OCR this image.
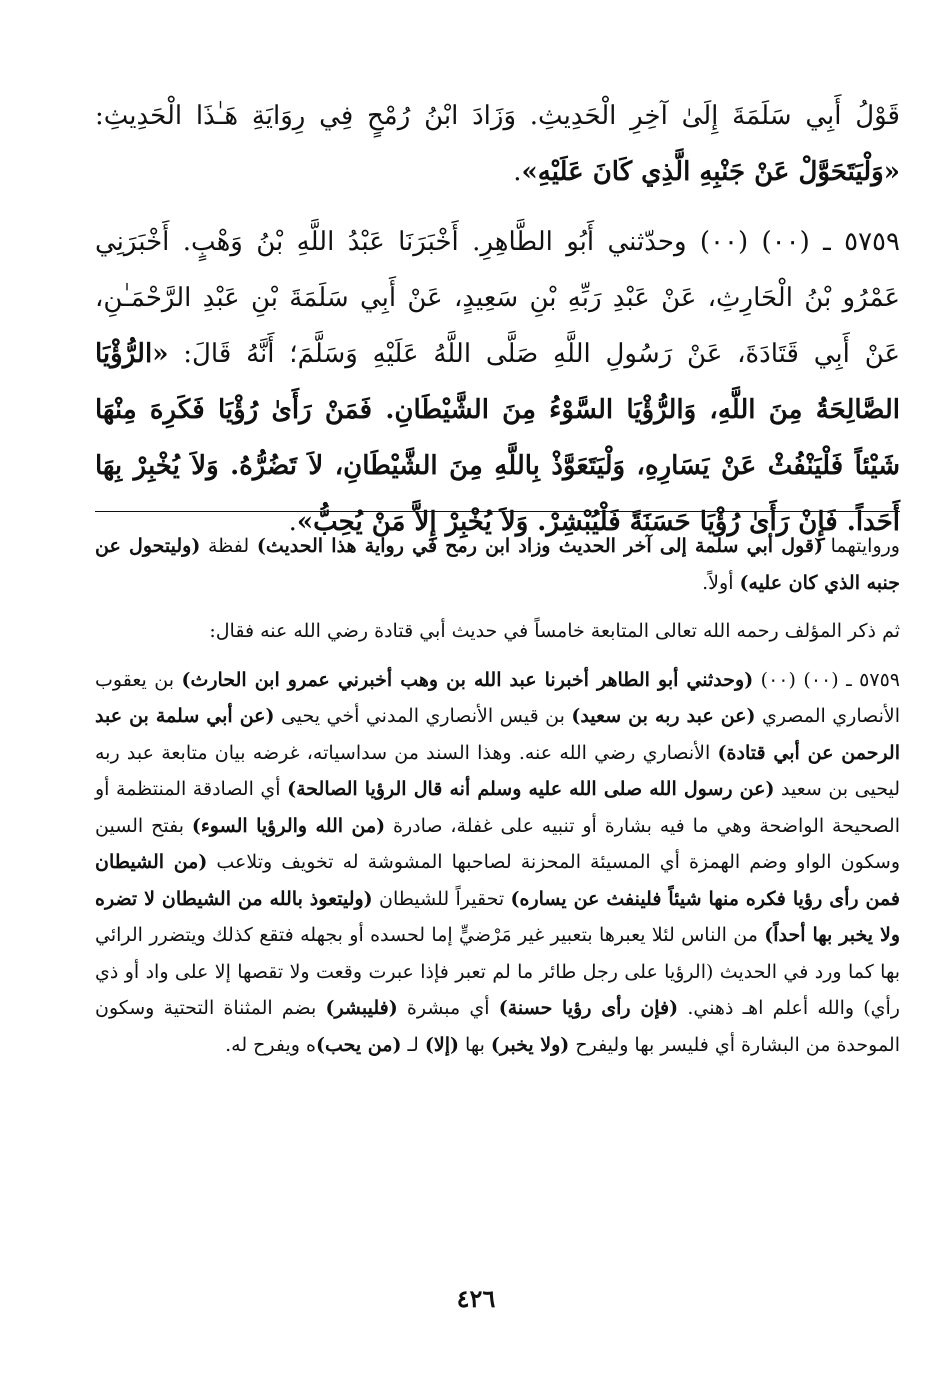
قَوْلُ أَبِي سَلَمَةَ إِلَىٰ آخِرِ الْحَدِيثِ. وَزَادَ ابْنُ رُمْحٍ فِي رِوَايَةِ هَـٰذَا الْحَدِيثِ: «وَلْيَتَحَوَّلْ عَنْ جَنْبِهِ الَّذِي كَانَ عَلَيْهِ».

٥٧٥٩ ـ (٠٠) (٠٠) وحدّثني أَبُو الطَّاهِرِ. أَخْبَرَنَا عَبْدُ اللَّهِ بْنُ وَهْبٍ. أَخْبَرَنِي عَمْرُو بْنُ الْحَارِثِ، عَنْ عَبْدِ رَبِّهِ بْنِ سَعِيدٍ، عَنْ أَبِي سَلَمَةَ بْنِ عَبْدِ الرَّحْمَـٰنِ، عَنْ أَبِي قَتَادَةَ، عَنْ رَسُولِ اللَّهِ صَلَّى اللَّهُ عَلَيْهِ وَسَلَّمَ؛ أَنَّهُ قَالَ: «الرُّؤْيَا الصَّالِحَةُ مِنَ اللَّهِ، وَالرُّؤْيَا السَّوْءُ مِنَ الشَّيْطَانِ. فَمَنْ رَأَىٰ رُؤْيَا فَكَرِهَ مِنْهَا شَيْئاً فَلْيَنْفُثْ عَنْ يَسَارِهِ، وَلْيَتَعَوَّذْ بِاللَّهِ مِنَ الشَّيْطَانِ، لاَ تَضُرُّهُ. وَلاَ يُخْبِرْ بِهَا أَحَداً. فَإِنْ رَأَىٰ رُؤْيَا حَسَنَةً فَلْيُبْشِرْ. وَلاَ يُخْبِرْ إِلاَّ مَنْ يُحِبُّ».

وروايتهما (قول أبي سلمة إلى آخر الحديث وزاد ابن رمح في رواية هذا الحديث) لفظة (وليتحول عن جنبه الذي كان عليه) أولاً.

ثم ذكر المؤلف رحمه الله تعالى المتابعة خامساً في حديث أبي قتادة رضي الله عنه فقال:

٥٧٥٩ ـ (٠٠) (٠٠) (وحدثني أبو الطاهر أخبرنا عبد الله بن وهب أخبرني عمرو ابن الحارث) بن يعقوب الأنصاري المصري (عن عبد ربه بن سعيد) بن قيس الأنصاري المدني أخي يحيى (عن أبي سلمة بن عبد الرحمن عن أبي قتادة) الأنصاري رضي الله عنه. وهذا السند من سداسياته، غرضه بيان متابعة عبد ربه ليحيى بن سعيد (عن رسول الله صلى الله عليه وسلم أنه قال الرؤيا الصالحة) أي الصادقة المنتظمة أو الصحيحة الواضحة وهي ما فيه بشارة أو تنبيه على غفلة، صادرة (من الله والرؤيا السوء) بفتح السين وسكون الواو وضم الهمزة أي المسيئة المحزنة لصاحبها المشوشة له تخويف وتلاعب (من الشيطان فمن رأى رؤيا فكره منها شيئاً فلينفث عن يساره) تحقيراً للشيطان (وليتعوذ بالله من الشيطان لا تضره ولا يخبر بها أحداً) من الناس لئلا يعبرها بتعبير غير مَرْضيٍّ إما لحسده أو بجهله فتقع كذلك ويتضرر الرائي بها كما ورد في الحديث (الرؤيا على رجل طائر ما لم تعبر فإذا عبرت وقعت ولا تقصها إلا على واد أو ذي رأي) والله أعلم اهـ ذهني. (فإن رأى رؤيا حسنة) أي مبشرة (فليبشر) بضم المثناة التحتية وسكون الموحدة من البشارة أي فليسر بها وليفرح (ولا يخبر) بها (إلا) لـ (من يحب)ه ويفرح له.

٤٢٦
